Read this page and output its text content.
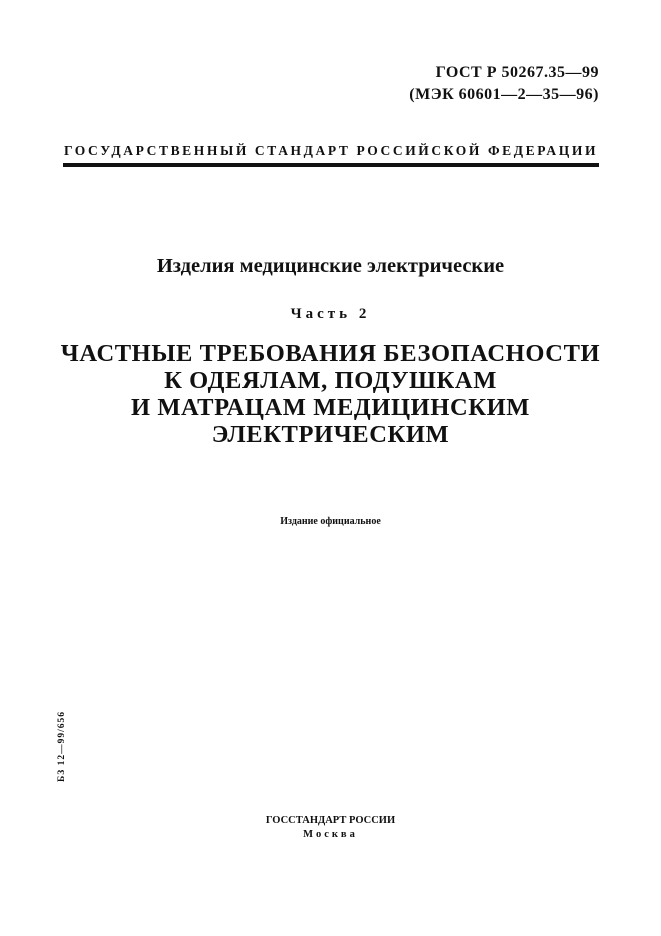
ГОСТ Р 50267.35—99
(МЭК 60601—2—35—96)
ГОСУДАРСТВЕННЫЙ СТАНДАРТ РОССИЙСКОЙ ФЕДЕРАЦИИ
Изделия медицинские электрические
Часть 2
ЧАСТНЫЕ ТРЕБОВАНИЯ БЕЗОПАСНОСТИ
К ОДЕЯЛАМ, ПОДУШКАМ
И МАТРАЦАМ МЕДИЦИНСКИМ
ЭЛЕКТРИЧЕСКИМ
Издание официальное
БЗ 12—99/656
ГОССТАНДАРТ РОССИИ
Москва
